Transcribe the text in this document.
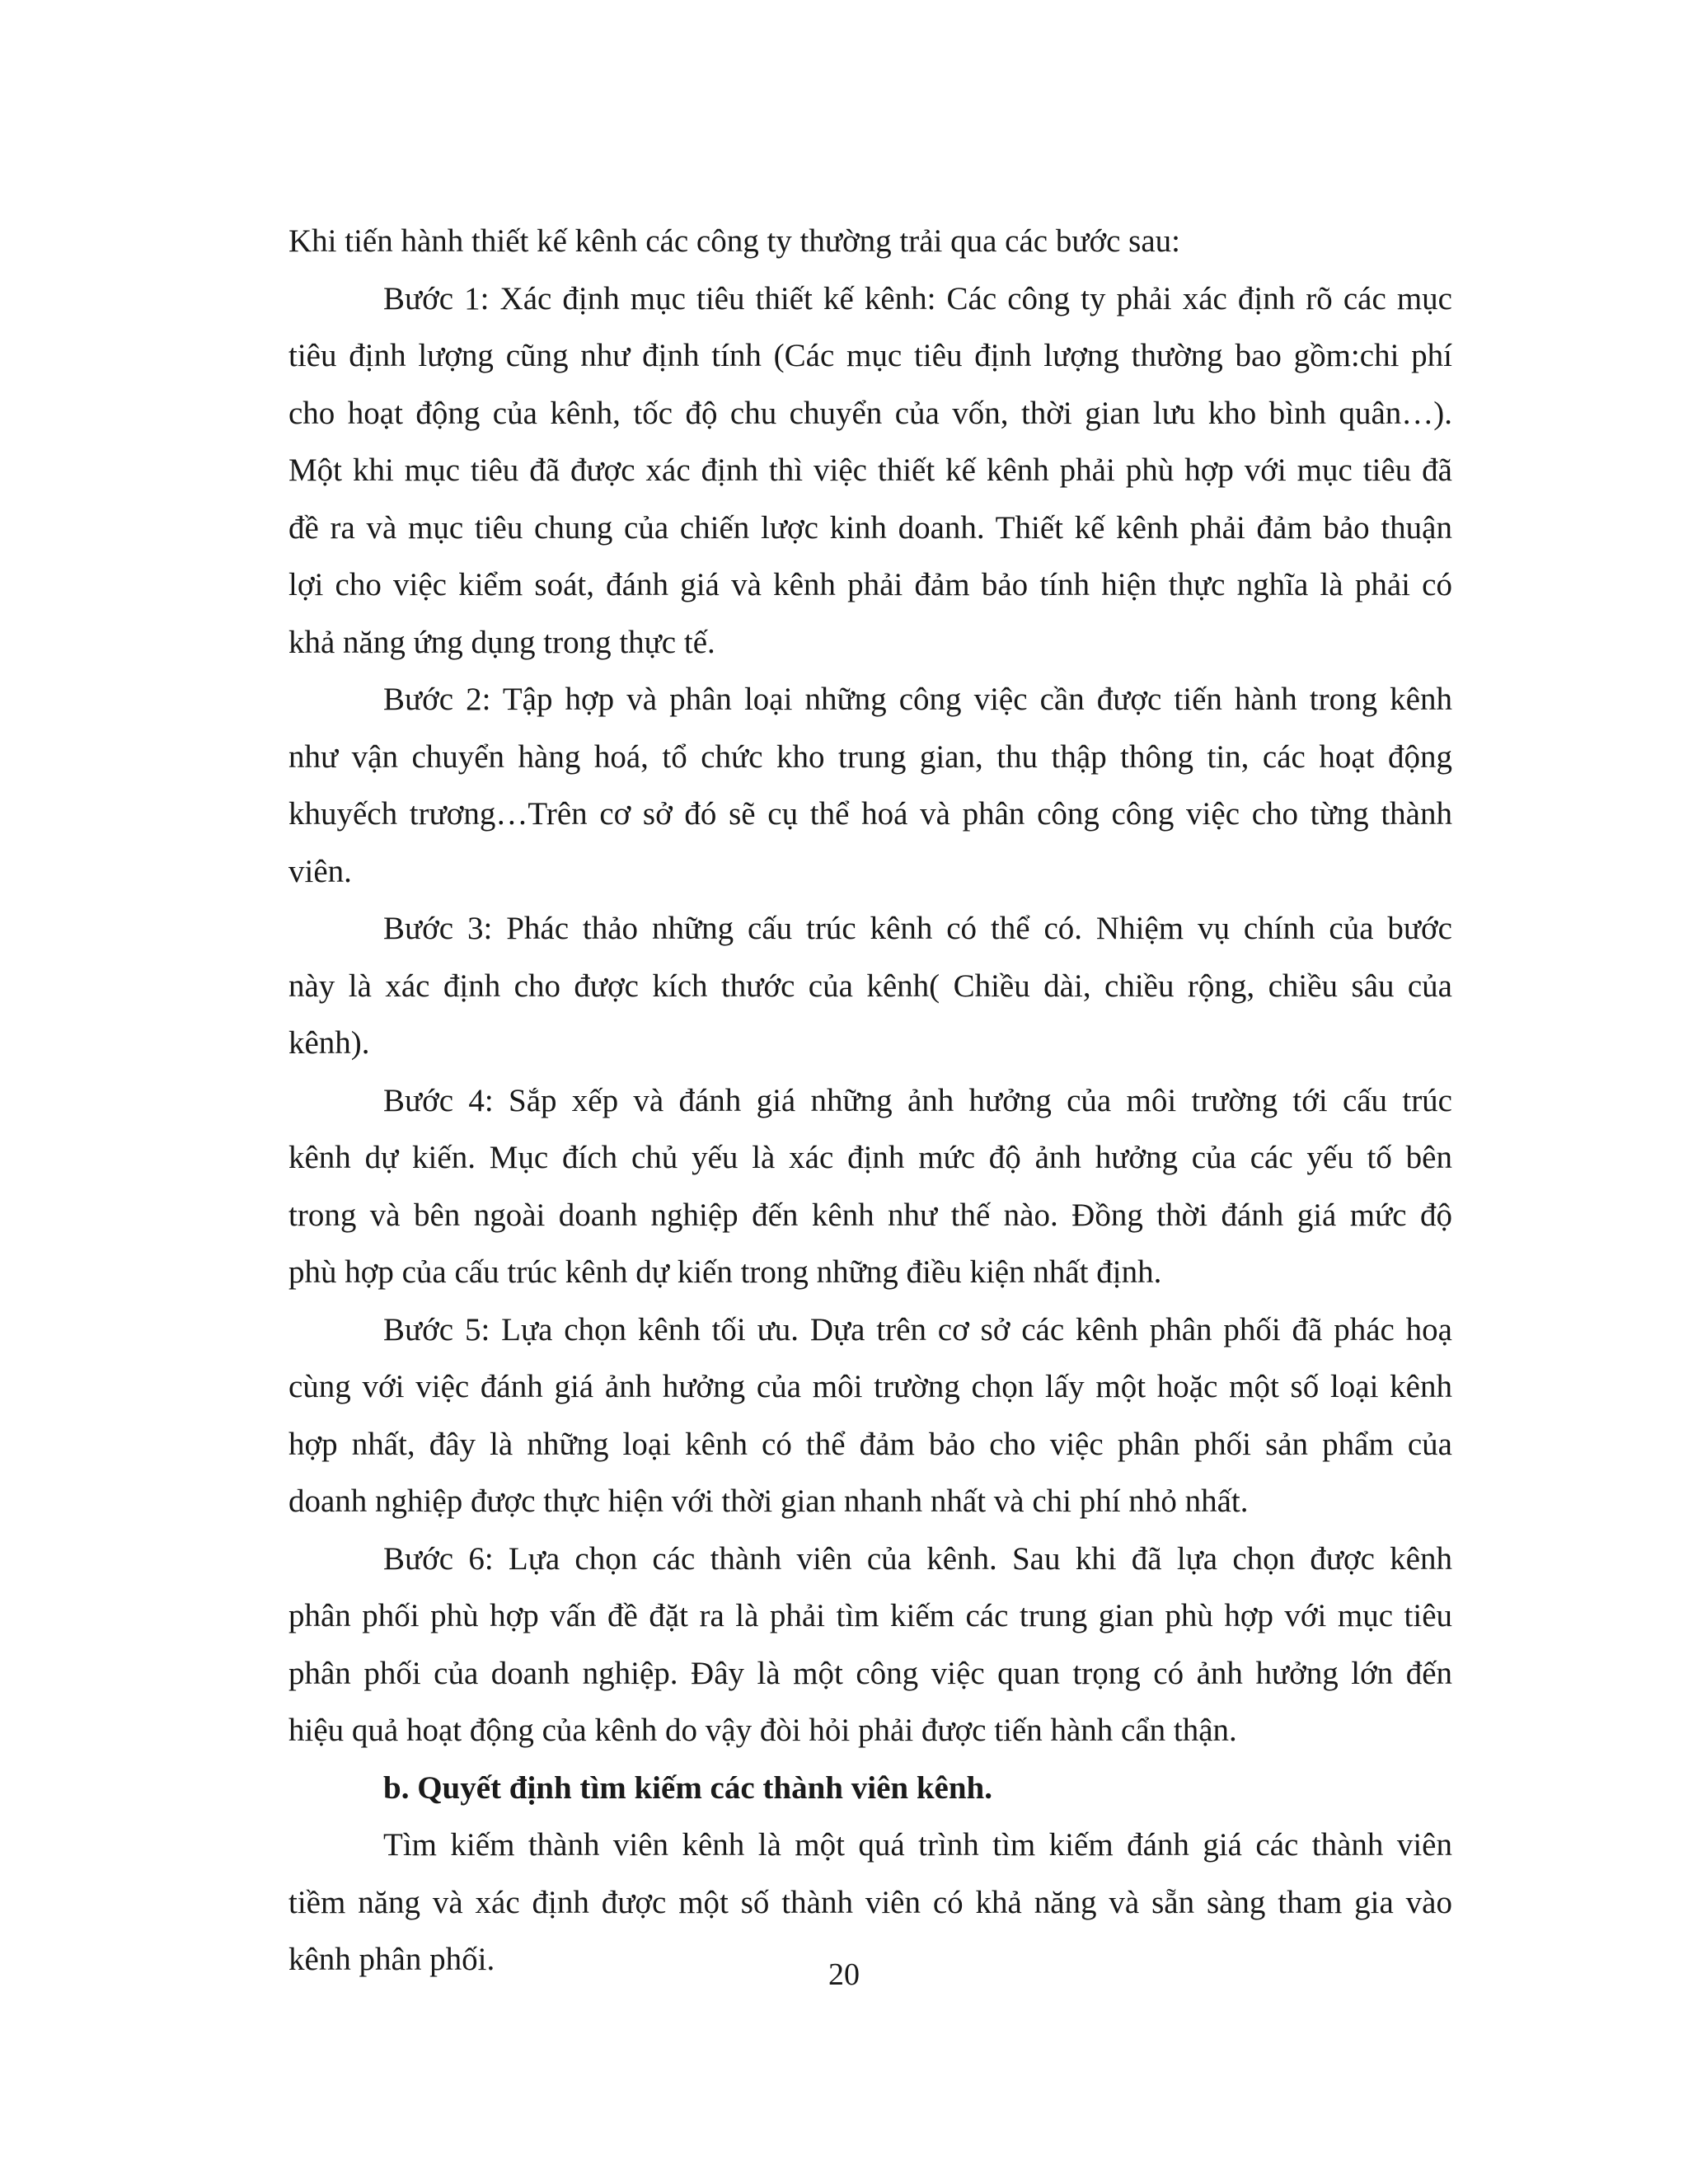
Khi tiến hành thiết kế kênh các công ty thường trải qua các bước sau:
Bước 1: Xác định mục tiêu thiết kế kênh: Các công ty phải xác định rõ các mục
tiêu định lượng cũng như định tính (Các mục tiêu định lượng thường bao gồm:chi phí
cho hoạt động của kênh, tốc độ chu chuyển của vốn, thời gian lưu kho bình quân…).
Một khi mục tiêu đã được xác định thì việc thiết kế kênh phải phù hợp với mục tiêu đã
đề ra và mục tiêu chung của chiến lược kinh doanh. Thiết kế kênh phải đảm bảo thuận
lợi cho việc kiểm soát, đánh giá và kênh phải đảm bảo tính hiện thực nghĩa là phải có
khả năng ứng dụng trong thực tế.
Bước 2: Tập hợp và phân loại những công việc cần được tiến hành trong kênh
như vận chuyển hàng hoá, tổ chức kho trung gian, thu thập thông tin, các hoạt động
khuyếch trương…Trên cơ sở đó sẽ cụ thể hoá và phân công công việc cho từng thành
viên.
Bước 3: Phác thảo những cấu trúc kênh có thể có. Nhiệm vụ chính của bước
này là xác định cho được kích thước của kênh( Chiều dài, chiều rộng, chiều sâu của
kênh).
Bước 4: Sắp xếp và đánh giá những ảnh hưởng của môi trường tới cấu trúc
kênh dự kiến. Mục đích chủ yếu là xác định mức độ ảnh hưởng của các yếu tố bên
trong và bên ngoài doanh nghiệp đến kênh như thế nào. Đồng thời đánh giá mức độ
phù hợp của cấu trúc kênh dự kiến trong những điều kiện nhất định.
Bước 5: Lựa chọn kênh tối ưu. Dựa trên cơ sở các kênh phân phối đã phác hoạ
cùng với việc đánh giá ảnh hưởng của môi trường chọn lấy một hoặc một số loại kênh
hợp nhất, đây là những loại kênh có thể đảm bảo cho việc phân phối sản phẩm của
doanh nghiệp được thực hiện với thời gian nhanh nhất và chi phí nhỏ nhất.
Bước 6: Lựa chọn các thành viên của kênh. Sau khi đã lựa chọn được kênh
phân phối phù hợp vấn đề đặt ra là phải tìm kiếm các trung gian phù hợp với mục tiêu
phân phối của doanh nghiệp. Đây là một công việc quan trọng có ảnh hưởng lớn đến
hiệu quả hoạt động của kênh do vậy đòi hỏi phải được tiến hành cẩn thận.
b. Quyết định tìm kiếm các thành viên kênh.
Tìm kiếm thành viên kênh là một quá trình tìm kiếm đánh giá các thành viên
tiềm năng và xác định được một số thành viên có khả năng và sẵn sàng tham gia vào
kênh phân phối.	20
